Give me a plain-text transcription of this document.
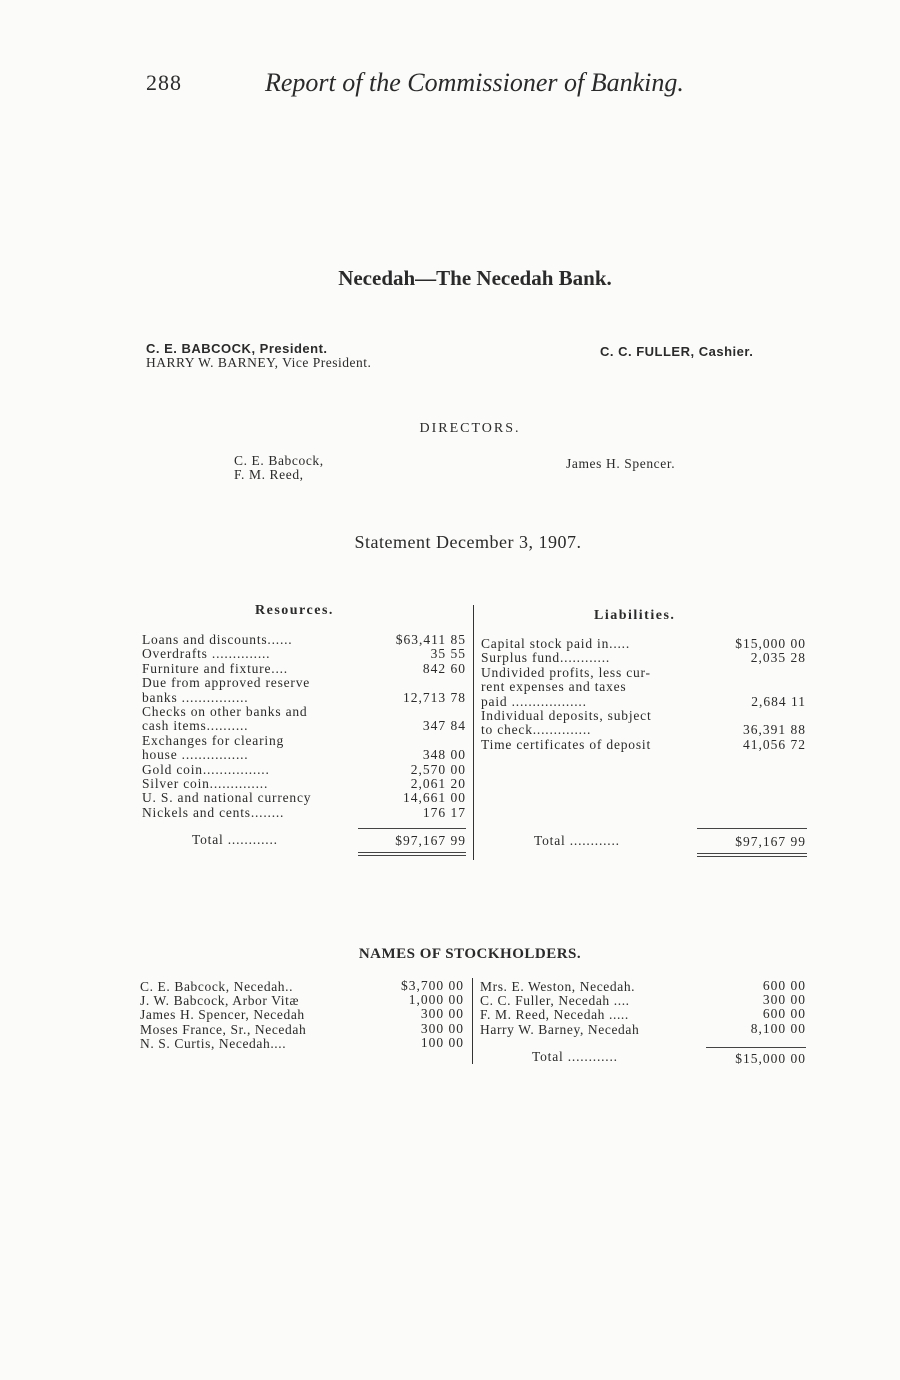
288	Report of the Commissioner of Banking.
Necedah—The Necedah Bank.
C. E. BABCOCK, President.
HARRY W. BARNEY, Vice President.
C. C. FULLER, Cashier.
DIRECTORS.
C. E. Babcock,
F. M. Reed,
James H. Spencer.
Statement December 3, 1907.
Resources.	Liabilities.
Loans and discounts......	$63,411 85
Overdrafts ..............	35 55
Furniture and fixture....	842 60
Due from approved reserve
banks ................	12,713 78
Checks on other banks and
cash items..........	347 84
Exchanges for clearing
house ................	348 00
Gold coin................	2,570 00
Silver coin..............	2,061 20
U. S. and national currency	14,661 00
Nickels and cents........	176 17
Capital stock paid in.....	$15,000 00
Surplus fund............	2,035 28
Undivided profits, less cur-
rent expenses and taxes
paid ..................	2,684 11
Individual deposits, subject
to check..............	36,391 88
Time certificates of deposit	41,056 72
Total ............	$97,167 99	Total ............	$97,167 99
NAMES OF STOCKHOLDERS.
C. E. Babcock, Necedah..	$3,700 00
J. W. Babcock, Arbor Vitæ	1,000 00
James H. Spencer, Necedah	300 00
Moses France, Sr., Necedah	300 00
N. S. Curtis, Necedah....	100 00
Mrs. E. Weston, Necedah.	600 00
C. C. Fuller, Necedah ....	300 00
F. M. Reed, Necedah .....	600 00
Harry W. Barney, Necedah	8,100 00
Total ............	$15,000 00
